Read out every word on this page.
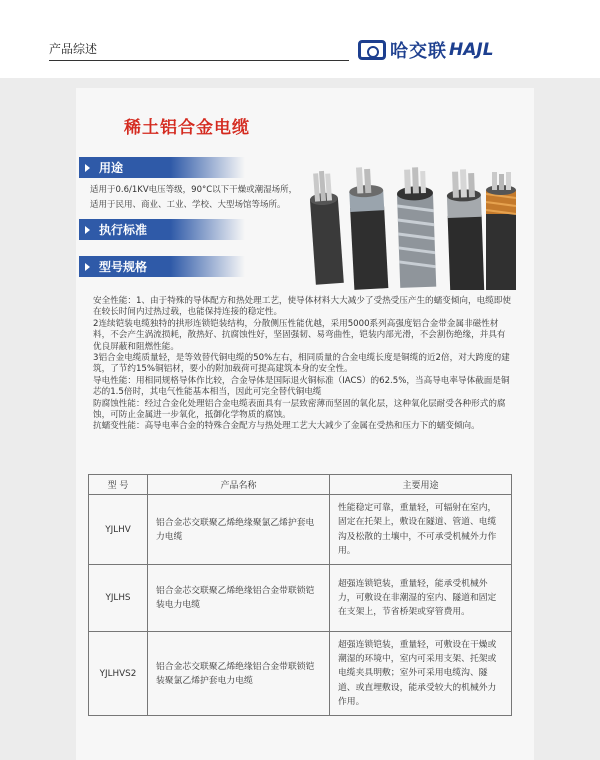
产品综述	哈交联 HAJL
稀土铝合金电缆
用途
适用于0.6/1KV电压等级，90°C以下干燥或潮湿场所，
适用于民用、商业、工业、学校、大型场馆等场所。
执行标准
型号规格

安全性能：1、由于特殊的导体配方和热处理工艺，使导体材料大大减少了受热受压产生的蠕变倾向，电缆即使在较长时间内过热过载，也能保持连接的稳定性。

2连续铠装电缆独特的拱形连锁铠装结构，分散侧压性能优越，采用5000系列高强度铝合金带金属非磁性材料，不会产生涡流损耗，散热好、抗腐蚀性好，坚固强韧、易弯曲性，铠装内部光滑，不会割伤绝缘，并具有优良屏蔽和阻燃性能。

3铝合金电缆质量轻，是等效替代铜电缆的50%左右，相同质量的合金电缆长度是铜缆的近2倍，对大跨度的建筑，了节约15%铜铝材，要小的附加载荷可提高建筑本身的安全性。

导电性能：用相同规格导体作比较，合金导体是国际退火铜标准（IACS）的62.5%，当高导电率导体截面是铜芯的1.5倍时，其电气性能基本相当，因此可完全替代铜电缆

防腐蚀性能：经过合金化处理铝合金电缆表面具有一层致密薄而坚固的氧化层，这种氧化层耐受各种形式的腐蚀，可防止金属进一步氧化，抵御化学物质的腐蚀。

抗蠕变性能：高导电率合金的特殊合金配方与热处理工艺大大减少了金属在受热和压力下的蠕变倾向。

型 号	产品名称	主要用途
YJLHV	铝合金芯交联聚乙烯绝缘聚氯乙烯护套电力电缆	性能稳定可靠，重量轻，可辐射在室内，固定在托架上，敷设在隧道、管道、电缆沟及松散的土壤中，不可承受机械外力作用。
YJLHS	铝合金芯交联聚乙烯绝缘铝合金带联锁铠装电力电缆	超强连锁铠装，重量轻，能承受机械外力，可敷设在非潮湿的室内、隧道和固定在支架上，节省桥架或穿管费用。
YJLHVS2	铝合金芯交联聚乙烯绝缘铝合金带联锁铠装聚氯乙烯护套电力电缆	超强连锁铠装，重量轻，可敷设在干燥或潮湿的环境中，室内可采用支架、托架或电缆夹具明敷；室外可采用电缆沟、隧道、或直埋敷设，能承受较大的机械外力作用。
